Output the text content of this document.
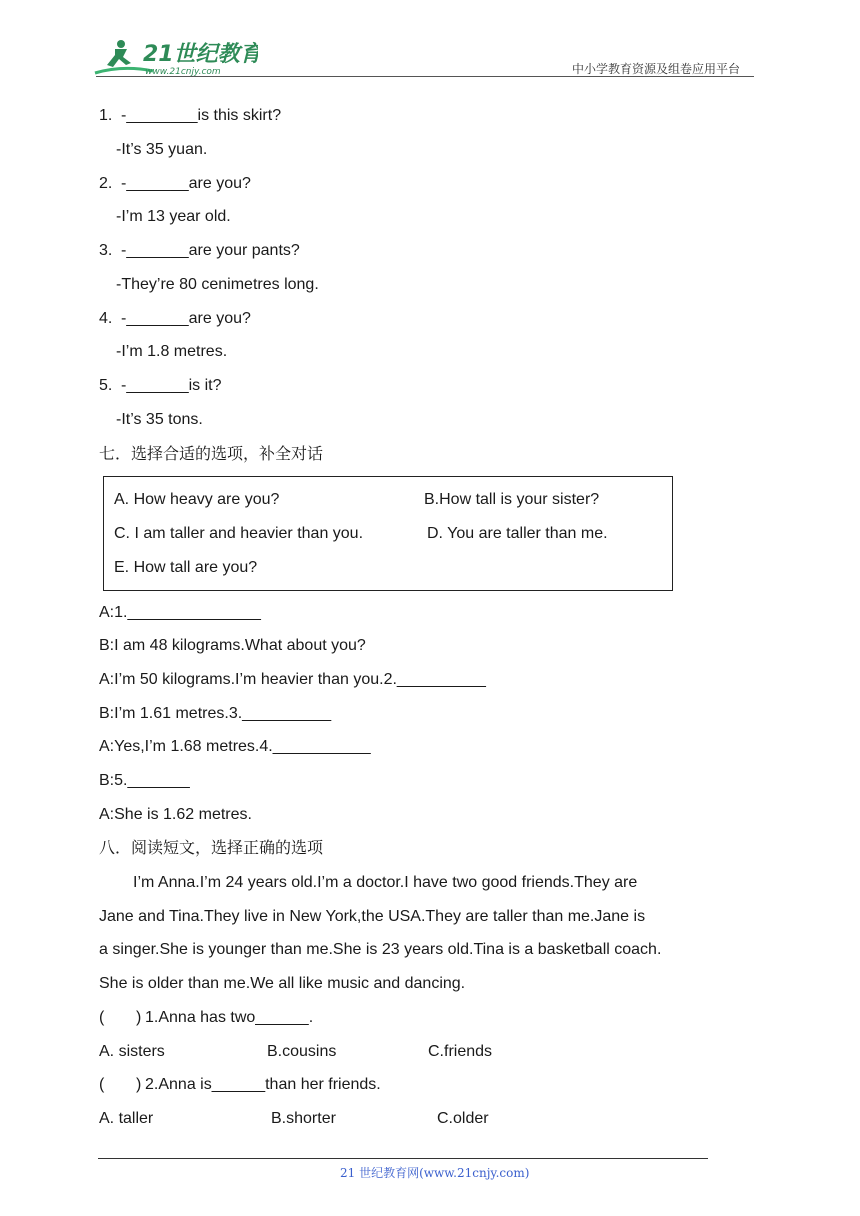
21世纪教育
www.21cnjy.com	中小学教育资源及组卷应用平台
1. -________is this skirt?
-It’s 35 yuan.
2. -_______are you?
-I’m 13 year old.
3. -_______are your pants?
-They’re 80 cenimetres long.
4. -_______are you?
-I’m 1.8 metres.
5. -_______is it?
-It’s 35 tons.
七．选择合适的选项，补全对话
A. How heavy are you?	B.How tall is your sister?
C. I am taller and heavier than you.	D. You are taller than me.
E. How tall are you?
A:1._______________
B:I am 48 kilograms.What about you?
A:I’m 50 kilograms.I’m heavier than you.2.__________
B:I’m 1.61 metres.3.__________
A:Yes,I’m 1.68 metres.4.___________
B:5._______
A:She is 1.62 metres.
八．阅读短文，选择正确的选项
I’m Anna.I’m 24 years old.I’m a doctor.I have two good friends.They are
Jane and Tina.They live in New York,the USA.They are taller than me.Jane is
a singer.She is younger than me.She is 23 years old.Tina is a basketball coach.
She is older than me.We all like music and dancing.
( ) 1.Anna has two______.
A. sisters	B.cousins	C.friends
( ) 2.Anna is______than her friends.
A. taller	B.shorter	C.older
21 世纪教育网(www.21cnjy.com)
